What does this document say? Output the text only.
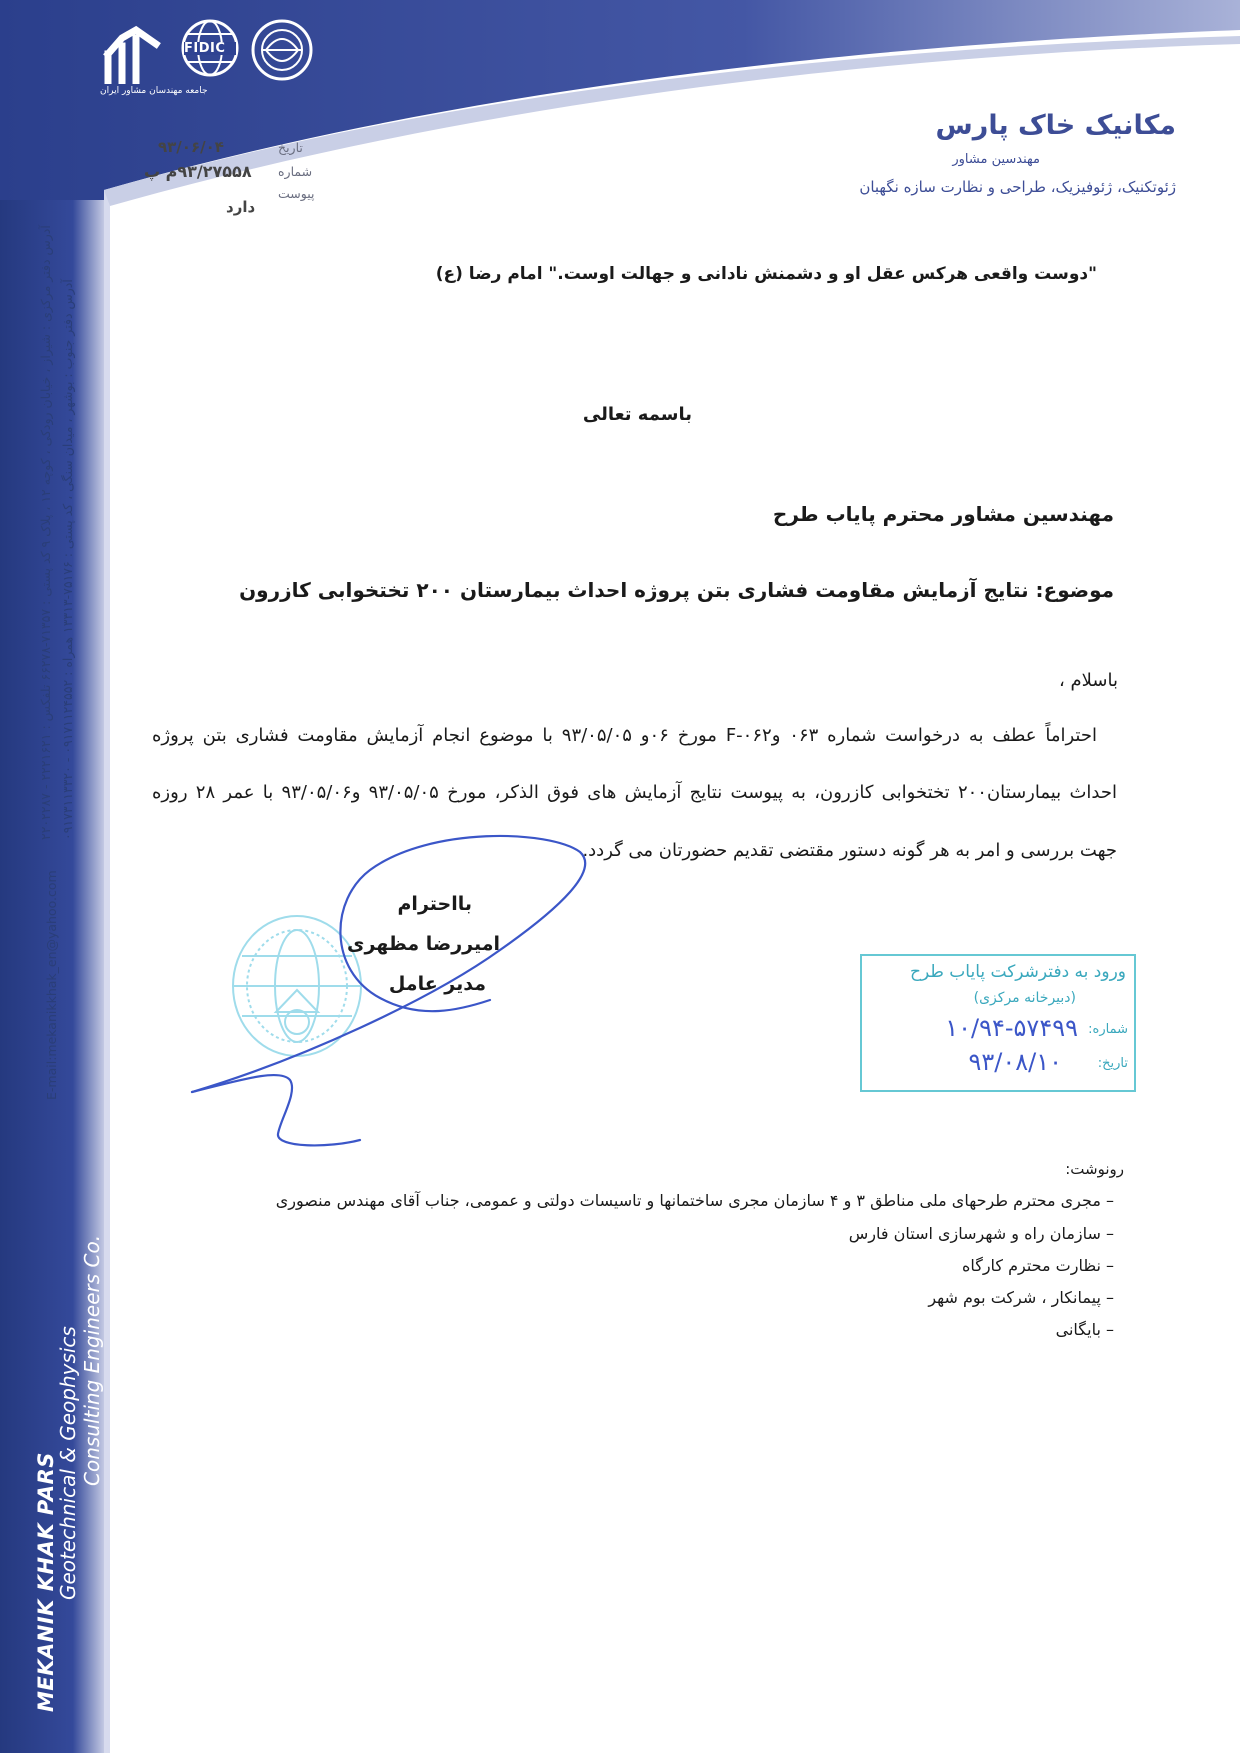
جامعه مهندسان مشاور ایران
FIDIC
مکانیک خاک پارس
مهندسین مشاور
ژئوتکنیک، ژئوفیزیک، طراحی و نظارت سازه نگهبان
تاریخ
۹۳/۰۶/۰۴
شماره
۹۳/۲۷۵۵۸م پ
پیوست
دارد
آدرس دفتر مرکزی : شیراز ، خیابان رودکی ، کوچه ۱۲ ، پلاک ۹ کد پستی : ۷۱۳۵۷-۶۶۲۷۸ تلفکس : ۲۲۲۱۶۲۱ - ۲۲۰۲۲۸۷
آدرس دفتر جنوب : بوشهر ، میدان سنگی ، کد پستی : ۷۵۱۷۶-۱۳۳۱۳ همراه : ۰۹۱۷۱۱۲۴۵۵۲ - ۰۹۱۷۳۱۱۳۳۲۰
E-mail:mekanikkhak_en@yahoo.com
MEKANIK KHAK PARS
Geotechnical & Geophysics Consulting Engineers Co.
"دوست واقعی هرکس عقل او و دشمنش نادانی و جهالت اوست." امام رضا (ع)
باسمه تعالی
مهندسین مشاور محترم پایاب طرح
موضوع: نتایج آزمایش مقاومت فشاری بتن پروژه احداث بیمارستان ۲۰۰ تختخوابی کازرون
باسلام ،
احتراماً عطف به درخواست شماره ۰۶۳ و۰۶۲-F مورخ ۰۶و ۹۳/۰۵/۰۵ با موضوع انجام آزمایش مقاومت فشاری بتن پروژه
احداث بیمارستان۲۰۰ تختخوابی کازرون، به پیوست نتایج آزمایش های فوق الذکر، مورخ ۹۳/۰۵/۰۵ و۹۳/۰۵/۰۶ با عمر ۲۸ روزه
جهت بررسی و امر به هر گونه دستور مقتضی تقدیم حضورتان می گردد.
بااحترام
امیررضا مظهری
مدیر عامل
ورود به دفترشرکت پایاب طرح
(دبیرخانه مرکزی)
شماره:
۱۰/۹۴-۵۷۴۹۹
تاریخ:
۹۳/۰۸/۱۰
رونوشت:
– مجری محترم طرحهای ملی مناطق ۳ و ۴ سازمان مجری ساختمانها و تاسیسات دولتی و عمومی، جناب آقای مهندس منصوری
– سازمان راه و شهرسازی استان فارس
– نظارت محترم کارگاه
– پیمانکار ، شرکت بوم شهر
– بایگانی
